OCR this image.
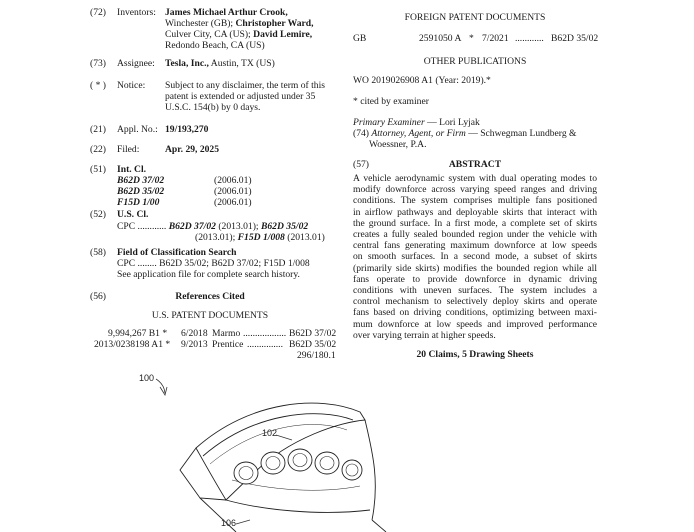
(72) Inventors: James Michael Arthur Crook,
Winchester (GB); Christopher Ward,
Culver City, CA (US); David Lemire,
Redondo Beach, CA (US)
(73) Assignee: Tesla, Inc., Austin, TX (US)
( * ) Notice: Subject to any disclaimer, the term of this
patent is extended or adjusted under 35
U.S.C. 154(b) by 0 days.
(21) Appl. No.: 19/193,270
(22) Filed:	Apr. 29, 2025
(51) Int. Cl.
B62D 37/02	(2006.01)
B62D 35/02	(2006.01)
F15D 1/00	(2006.01)
(52) U.S. Cl.
CPC ............ B62D 37/02 (2013.01); B62D 35/02
(2013.01); F15D 1/008 (2013.01)
(58) Field of Classification Search
CPC ........ B62D 35/02; B62D 37/02; F15D 1/008
See application file for complete search history.
(56)	References Cited
U.S. PATENT DOCUMENTS
9,994,267 B1 * 6/2018 Marmo .................. B62D 37/02
2013/0238198 A1 * 9/2013 Prentice ............... B62D 35/02
296/180.1
FOREIGN PATENT DOCUMENTS
GB	2591050 A * 7/2021 ............ B62D 35/02
OTHER PUBLICATIONS
WO 2019026908 A1 (Year: 2019).*
* cited by examiner
Primary Examiner — Lori Lyjak
(74) Attorney, Agent, or Firm — Schwegman Lundberg &
Woessner, P.A.
(57)	ABSTRACT
A vehicle aerodynamic system with dual operating modes to
modify downforce across varying speed ranges and driving
conditions. The system comprises multiple fans positioned
in airflow pathways and deployable skirts that interact with
the ground surface. In a first mode, a complete set of skirts
creates a fully sealed bounded region under the vehicle with
central fans generating maximum downforce at low speeds
on smooth surfaces. In a second mode, a subset of skirts
(primarily side skirts) modifies the bounded region while all
fans operate to provide downforce in dynamic driving
conditions with uneven surfaces. The system includes a
control mechanism to selectively deploy skirts and operate
fans based on driving conditions, optimizing between maxi-
mum downforce at low speeds and improved performance
over varying terrain at higher speeds.
20 Claims, 5 Drawing Sheets
100
102
106
